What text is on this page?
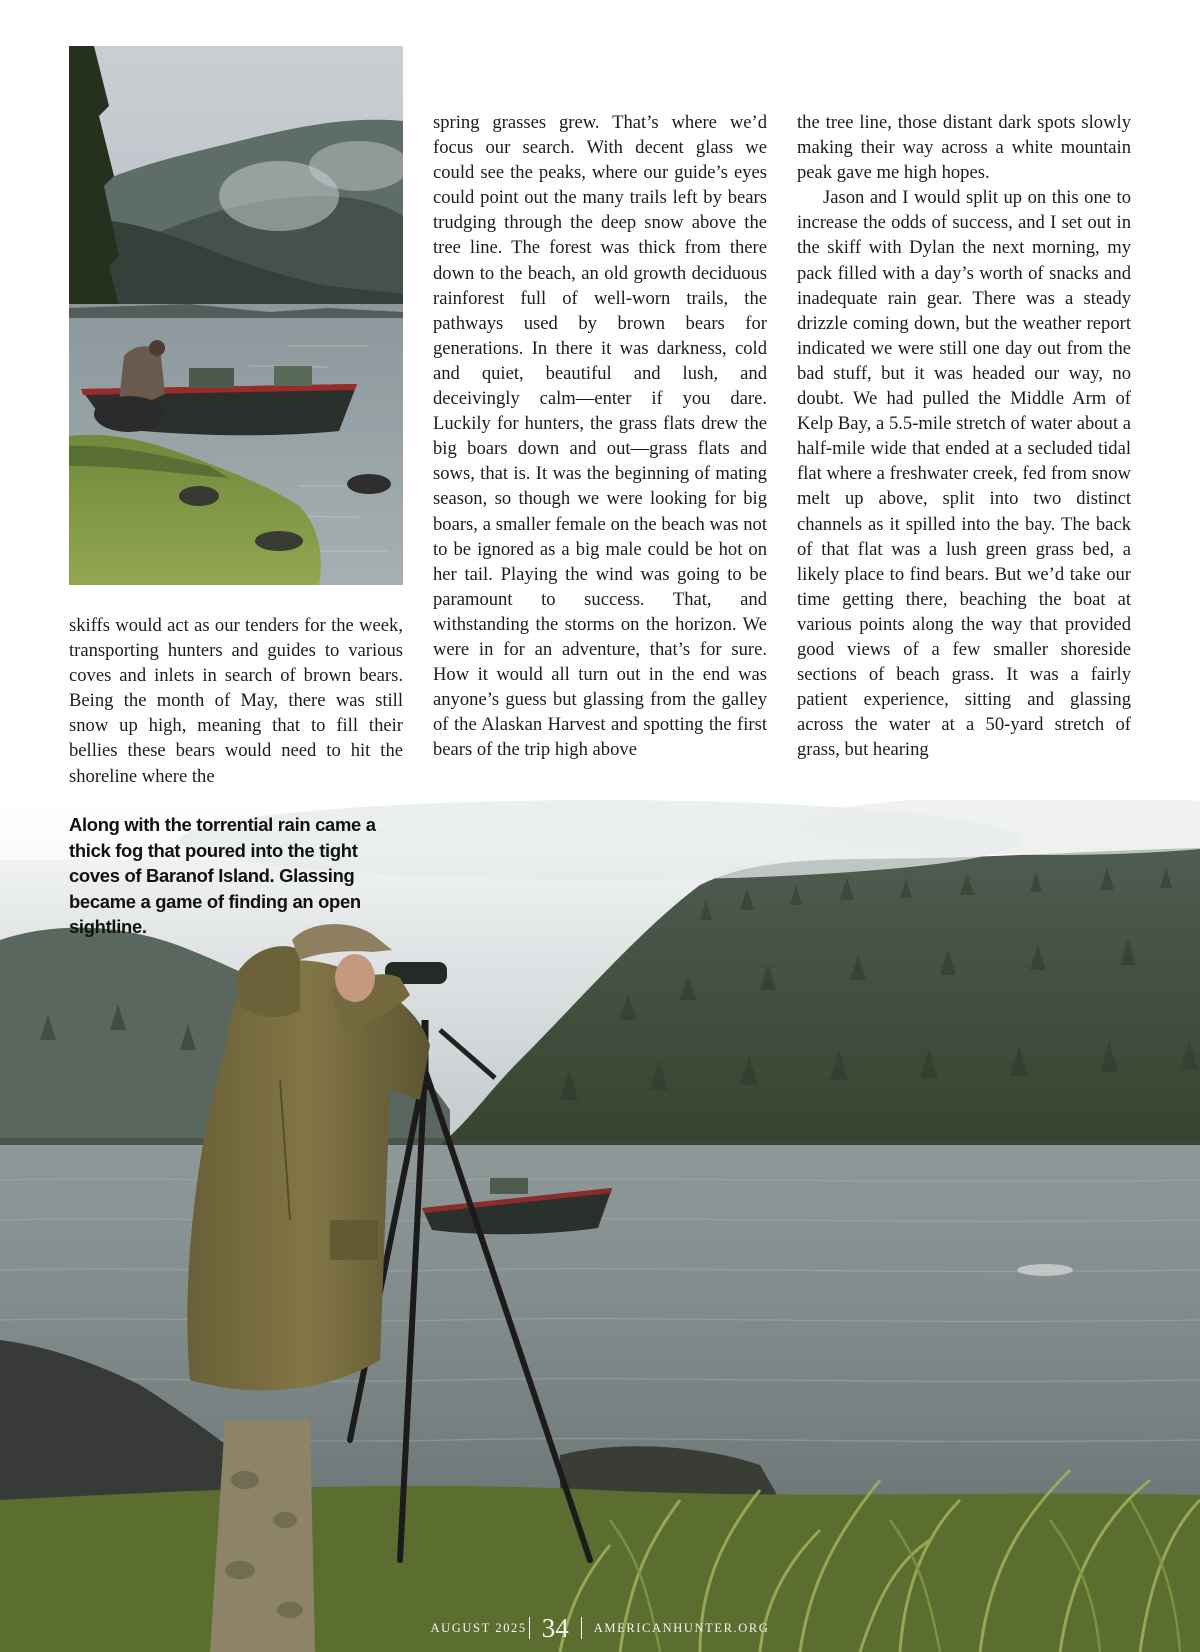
skiffs would act as our tenders for the week, transporting hunters and guides to various coves and inlets in search of brown bears. Being the month of May, there was still snow up high, meaning that to fill their bellies these bears would need to hit the shoreline where the

spring grasses grew. That’s where we’d focus our search. With decent glass we could see the peaks, where our guide’s eyes could point out the many trails left by bears trudging through the deep snow above the tree line. The forest was thick from there down to the beach, an old growth deciduous rainforest full of well-worn trails, the pathways used by brown bears for generations. In there it was darkness, cold and quiet, beautiful and lush, and deceivingly calm—enter if you dare. Luckily for hunters, the grass flats drew the big boars down and out—grass flats and sows, that is. It was the beginning of mating season, so though we were looking for big boars, a smaller female on the beach was not to be ignored as a big male could be hot on her tail. Playing the wind was going to be paramount to success. That, and withstanding the storms on the horizon. We were in for an adventure, that’s for sure. How it would all turn out in the end was anyone’s guess but glassing from the galley of the Alaskan Harvest and spotting the first bears of the trip high above

the tree line, those distant dark spots slowly making their way across a white mountain peak gave me high hopes.

Jason and I would split up on this one to increase the odds of success, and I set out in the skiff with Dylan the next morning, my pack filled with a day’s worth of snacks and inadequate rain gear. There was a steady drizzle coming down, but the weather report indicated we were still one day out from the bad stuff, but it was headed our way, no doubt. We had pulled the Middle Arm of Kelp Bay, a 5.5-mile stretch of water about a half-mile wide that ended at a secluded tidal flat where a freshwater creek, fed from snow melt up above, split into two distinct channels as it spilled into the bay. The back of that flat was a lush green grass bed, a likely place to find bears. But we’d take our time getting there, beaching the boat at various points along the way that provided good views of a few smaller shoreside sections of beach grass. It was a fairly patient experience, sitting and glassing across the water at a 50-yard stretch of grass, but hearing

Along with the torrential rain came a thick fog that poured into the tight coves of Baranof Island. Glassing became a game of finding an open sightline.
AUGUST 2025 34 AMERICANHUNTER.ORG
